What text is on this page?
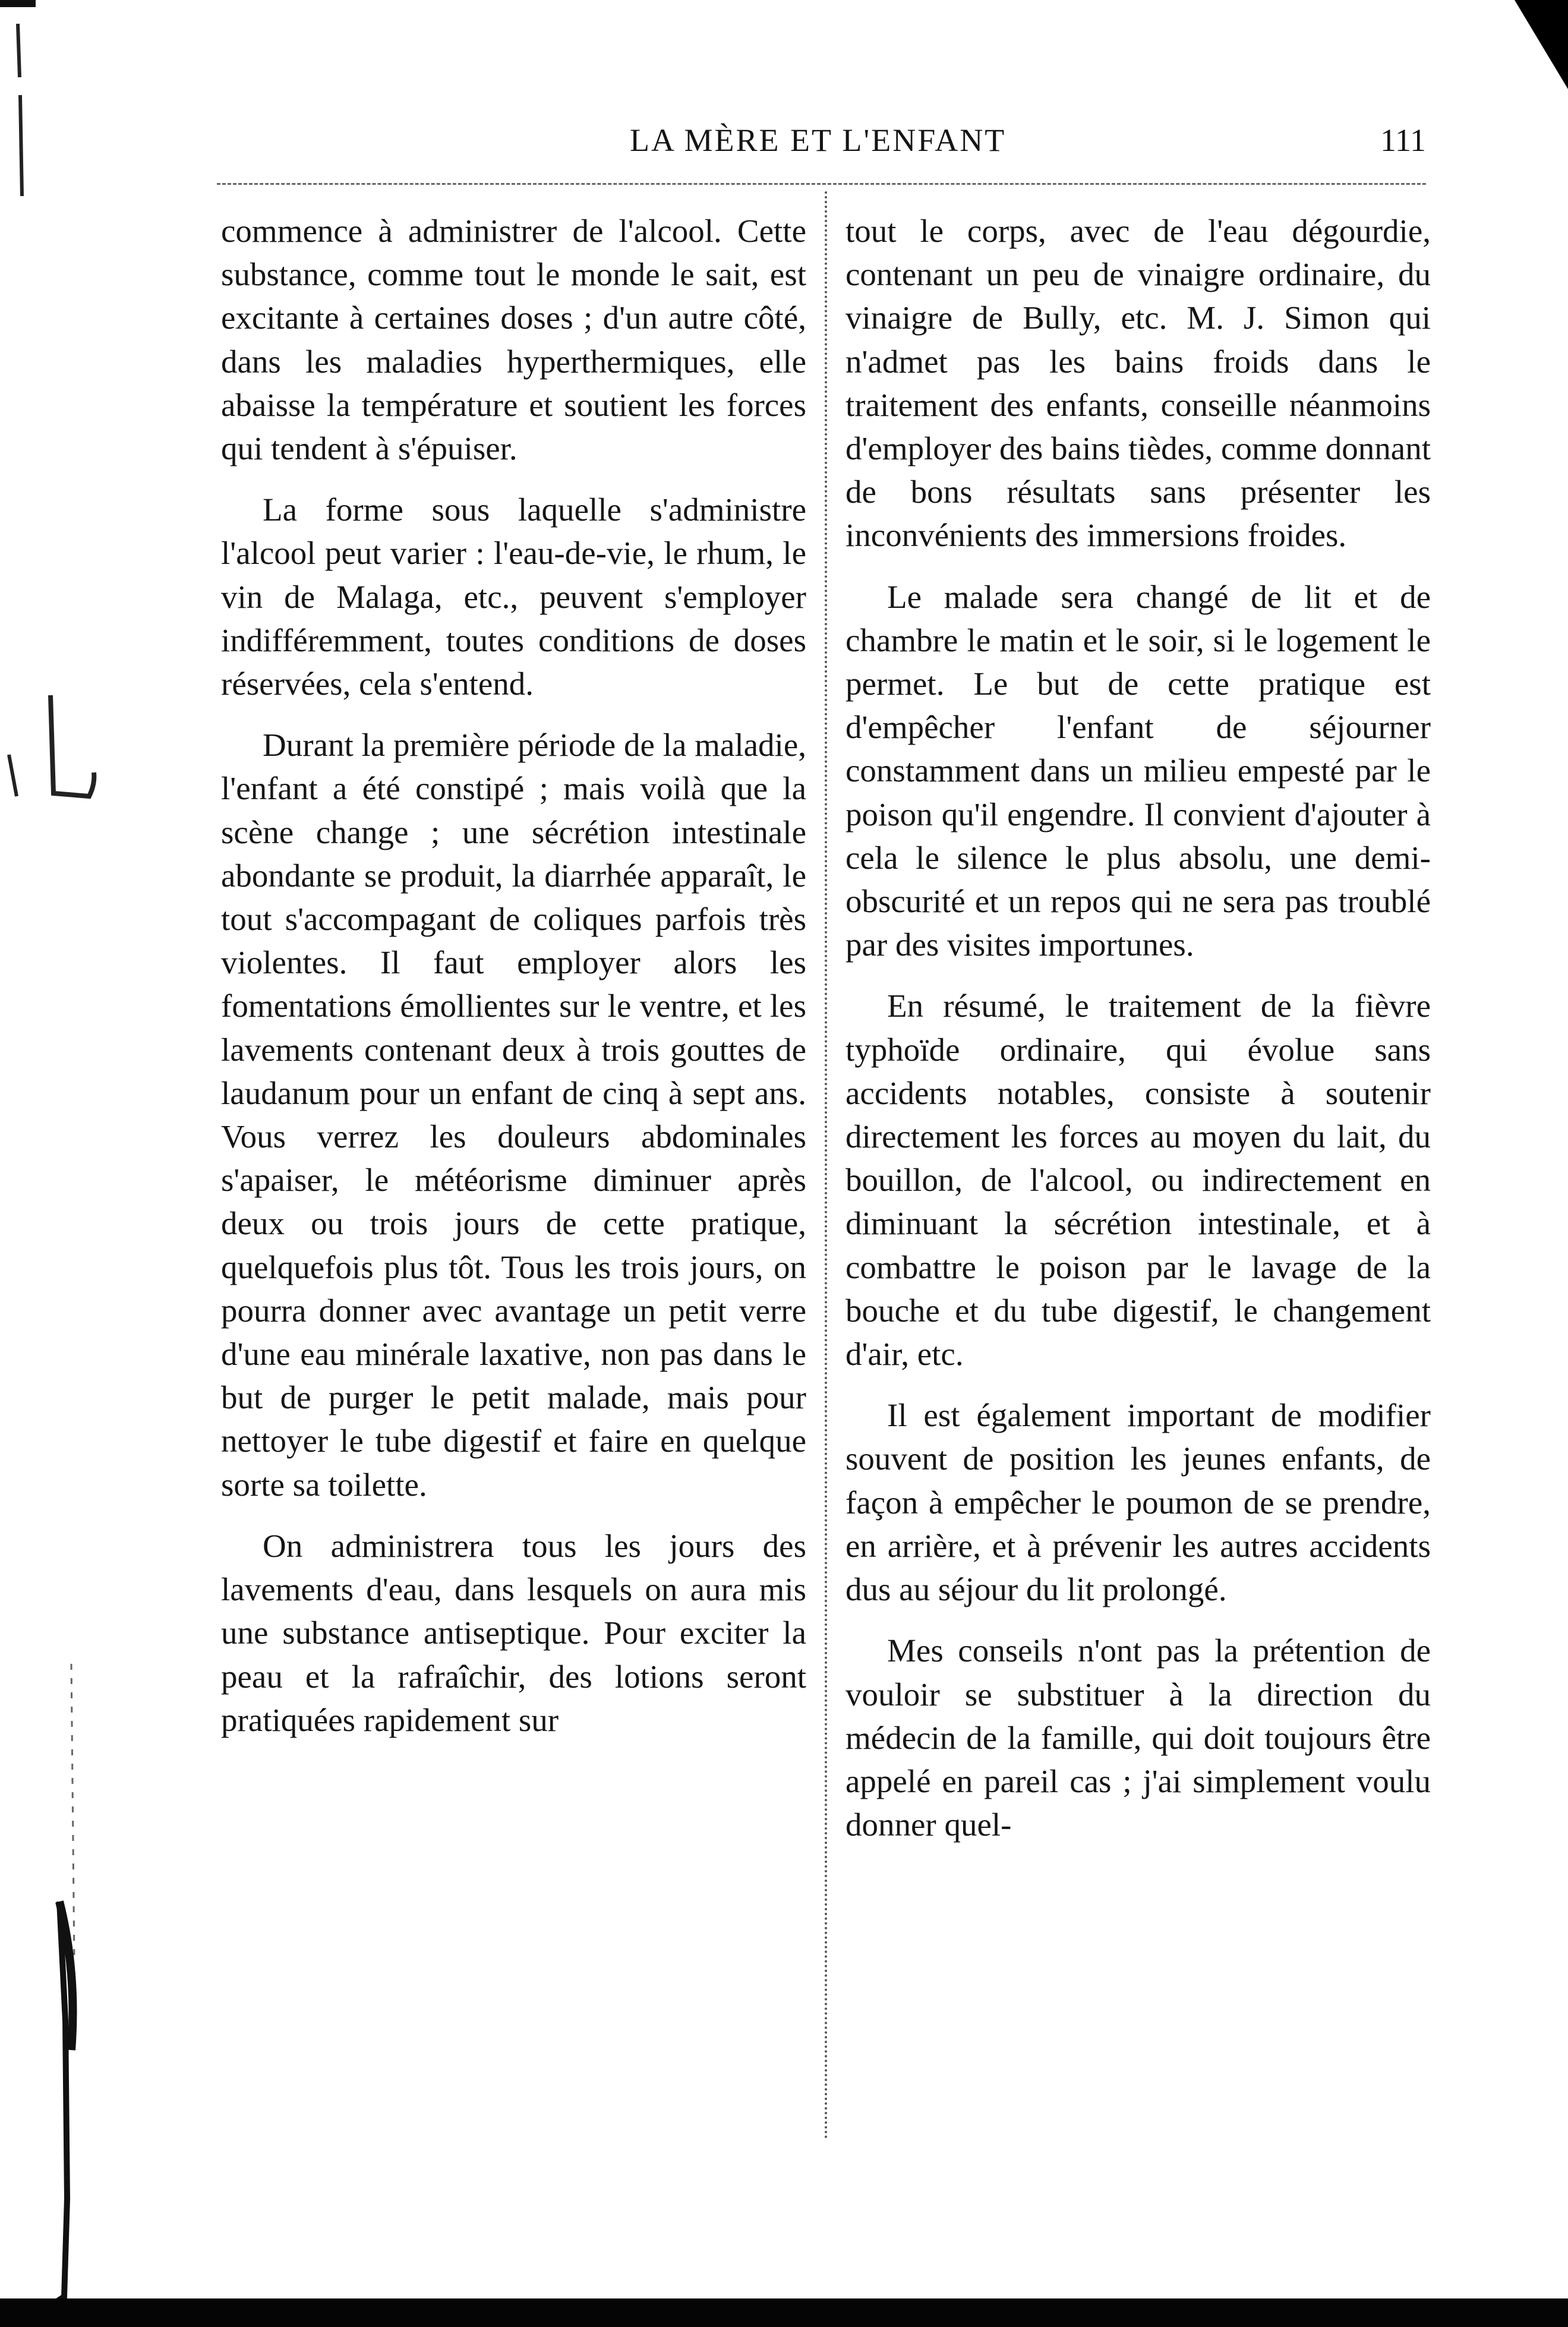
LA MÈRE ET L'ENFANT	111

commence à administrer de l'alcool. Cette substance, comme tout le monde le sait, est excitante à certaines doses ; d'un autre côté, dans les maladies hyperthermiques, elle abaisse la température et soutient les forces qui tendent à s'épuiser.

La forme sous laquelle s'administre l'alcool peut varier : l'eau-de-vie, le rhum, le vin de Malaga, etc., peuvent s'employer indifféremment, toutes conditions de doses réservées, cela s'entend.

Durant la première période de la maladie, l'enfant a été constipé ; mais voilà que la scène change ; une sécrétion intestinale abondante se produit, la diarrhée apparaît, le tout s'accompagant de coliques parfois très violentes. Il faut employer alors les fomentations émollientes sur le ventre, et les lavements contenant deux à trois gouttes de laudanum pour un enfant de cinq à sept ans. Vous verrez les douleurs abdominales s'apaiser, le météorisme diminuer après deux ou trois jours de cette pratique, quelquefois plus tôt. Tous les trois jours, on pourra donner avec avantage un petit verre d'une eau minérale laxative, non pas dans le but de purger le petit malade, mais pour nettoyer le tube digestif et faire en quelque sorte sa toilette.

On administrera tous les jours des lavements d'eau, dans lesquels on aura mis une substance antiseptique. Pour exciter la peau et la rafraîchir, des lotions seront pratiquées rapidement sur

tout le corps, avec de l'eau dégourdie, contenant un peu de vinaigre ordinaire, du vinaigre de Bully, etc. M. J. Simon qui n'admet pas les bains froids dans le traitement des enfants, conseille néanmoins d'employer des bains tièdes, comme donnant de bons résultats sans présenter les inconvénients des immersions froides.

Le malade sera changé de lit et de chambre le matin et le soir, si le logement le permet. Le but de cette pratique est d'empêcher l'enfant de séjourner constamment dans un milieu empesté par le poison qu'il engendre. Il convient d'ajouter à cela le silence le plus absolu, une demi-obscurité et un repos qui ne sera pas troublé par des visites importunes.

En résumé, le traitement de la fièvre typhoïde ordinaire, qui évolue sans accidents notables, consiste à soutenir directement les forces au moyen du lait, du bouillon, de l'alcool, ou indirectement en diminuant la sécrétion intestinale, et à combattre le poison par le lavage de la bouche et du tube digestif, le changement d'air, etc.

Il est également important de modifier souvent de position les jeunes enfants, de façon à empêcher le poumon de se prendre, en arrière, et à prévenir les autres accidents dus au séjour du lit prolongé.

Mes conseils n'ont pas la prétention de vouloir se substituer à la direction du médecin de la famille, qui doit toujours être appelé en pareil cas ; j'ai simplement voulu donner quel-
